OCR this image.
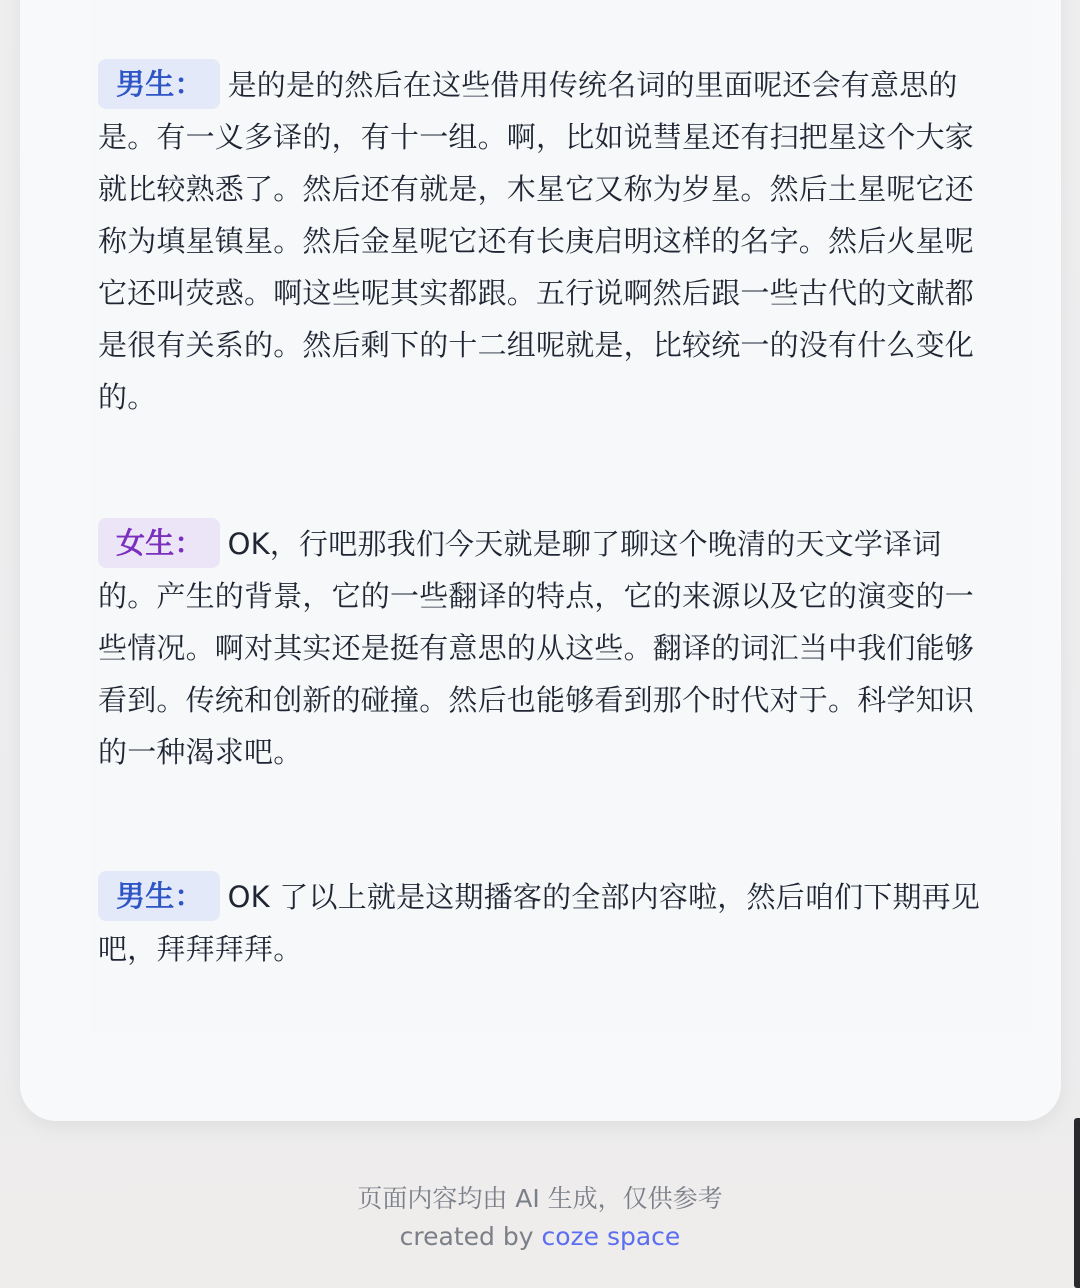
男生： 是的是的然后在这些借用传统名词的里面呢还会有意思的是。有一义多译的，有十一组。啊，比如说彗星还有扫把星这个大家就比较熟悉了。然后还有就是，木星它又称为岁星。然后土星呢它还称为填星镇星。然后金星呢它还有长庚启明这样的名字。然后火星呢它还叫荧惑。啊这些呢其实都跟。五行说啊然后跟一些古代的文献都是很有关系的。然后剩下的十二组呢就是，比较统一的没有什么变化的。
女生： OK，行吧那我们今天就是聊了聊这个晚清的天文学译词的。产生的背景，它的一些翻译的特点，它的来源以及它的演变的一些情况。啊对其实还是挺有意思的从这些。翻译的词汇当中我们能够看到。传统和创新的碰撞。然后也能够看到那个时代对于。科学知识的一种渴求吧。
男生： OK 了以上就是这期播客的全部内容啦，然后咱们下期再见吧，拜拜拜拜。
页面内容均由 AI 生成，仅供参考
created by coze space
